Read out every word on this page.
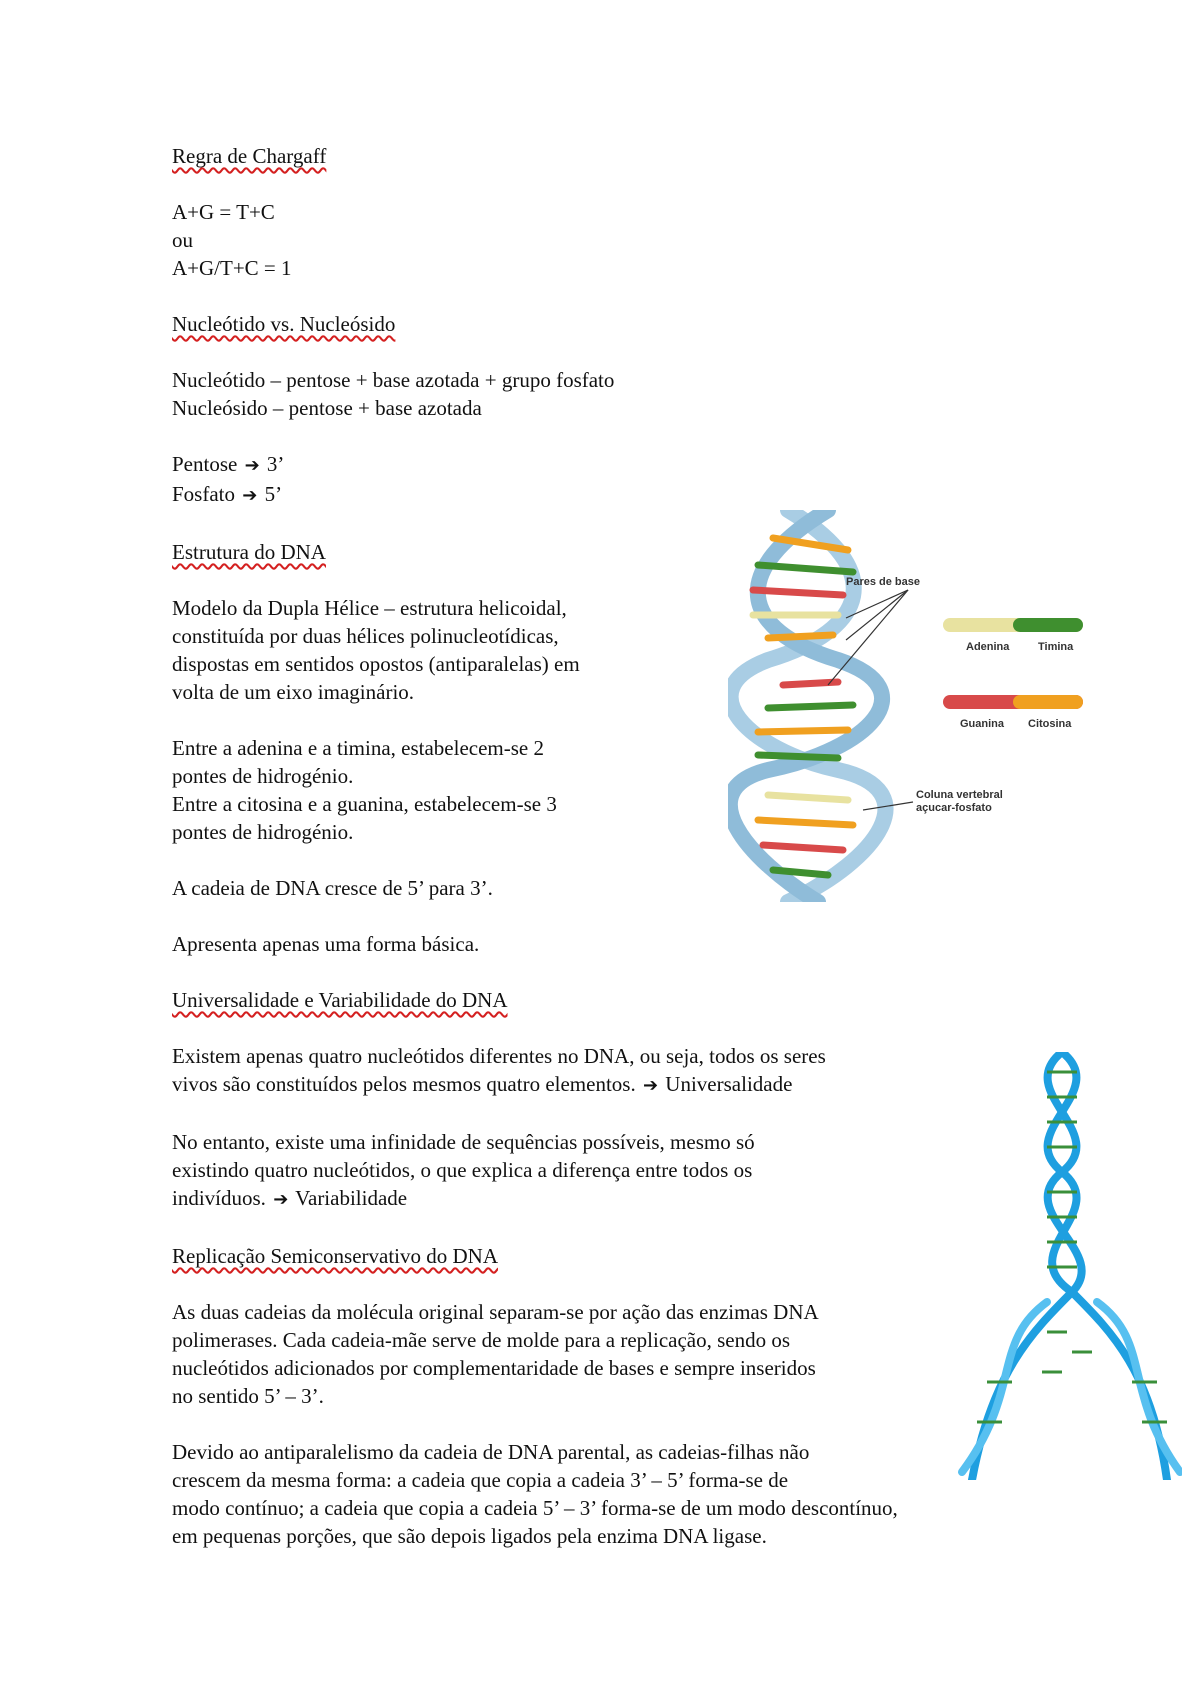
Regra de Chargaff

A+G = T+C

ou

A+G/T+C = 1

Nucleótido vs. Nucleósido

Nucleótido – pentose + base azotada + grupo fosfato

Nucleósido – pentose + base azotada

Pentose ➔ 3’

Fosfato ➔ 5’

Estrutura do DNA

Modelo da Dupla Hélice – estrutura helicoidal,

constituída por duas hélices polinucleotídicas,

dispostas em sentidos opostos (antiparalelas) em

volta de um eixo imaginário.

Entre a adenina e a timina, estabelecem-se 2

pontes de hidrogénio.

Entre a citosina e a guanina, estabelecem-se 3

pontes de hidrogénio.

A cadeia de DNA cresce de 5’ para 3’.

Apresenta apenas uma forma básica.

Universalidade e Variabilidade do DNA

Existem apenas quatro nucleótidos diferentes no DNA, ou seja, todos os seres

vivos são constituídos pelos mesmos quatro elementos. ➔ Universalidade

No entanto, existe uma infinidade de sequências possíveis, mesmo só

existindo quatro nucleótidos, o que explica a diferença entre todos os

indivíduos. ➔ Variabilidade

Replicação Semiconservativo do DNA

As duas cadeias da molécula original separam-se por ação das enzimas DNA

polimerases. Cada cadeia-mãe serve de molde para a replicação, sendo os

nucleótidos adicionados por complementaridade de bases e sempre inseridos

no sentido 5’ – 3’.

Devido ao antiparalelismo da cadeia de DNA parental, as cadeias-filhas não

crescem da mesma forma: a cadeia que copia a cadeia 3’ – 5’ forma-se de

modo contínuo; a cadeia que copia a cadeia 5’ – 3’ forma-se de um modo descontínuo,

em pequenas porções, que são depois ligados pela enzima DNA ligase.

Pares de base
Adenina	Timina
Guanina Citosina
Coluna vertebral
açucar-fosfato
